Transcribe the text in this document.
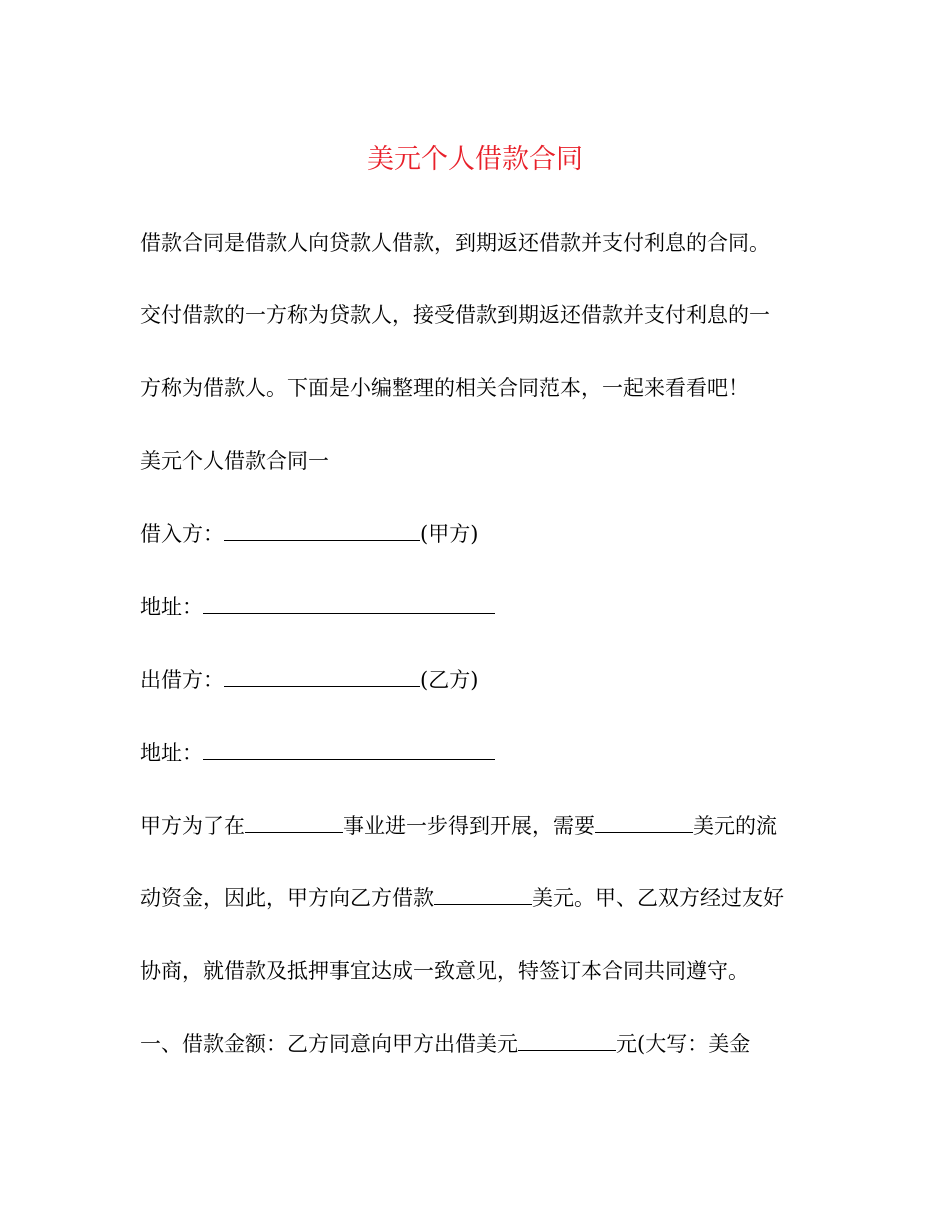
美元个人借款合同
借款合同是借款人向贷款人借款，到期返还借款并支付利息的合同。
交付借款的一方称为贷款人，接受借款到期返还借款并支付利息的一
方称为借款人。下面是小编整理的相关合同范本，一起来看看吧！
美元个人借款合同一
借入方：	(甲方)
地址：
出借方：	(乙方)
地址：
甲方为了在	事业进一步得到开展，需要	美元的流
动资金，因此，甲方向乙方借款	美元。甲、乙双方经过友好
协商，就借款及抵押事宜达成一致意见，特签订本合同共同遵守。
一、借款金额：乙方同意向甲方出借美元	元(大写：美金
